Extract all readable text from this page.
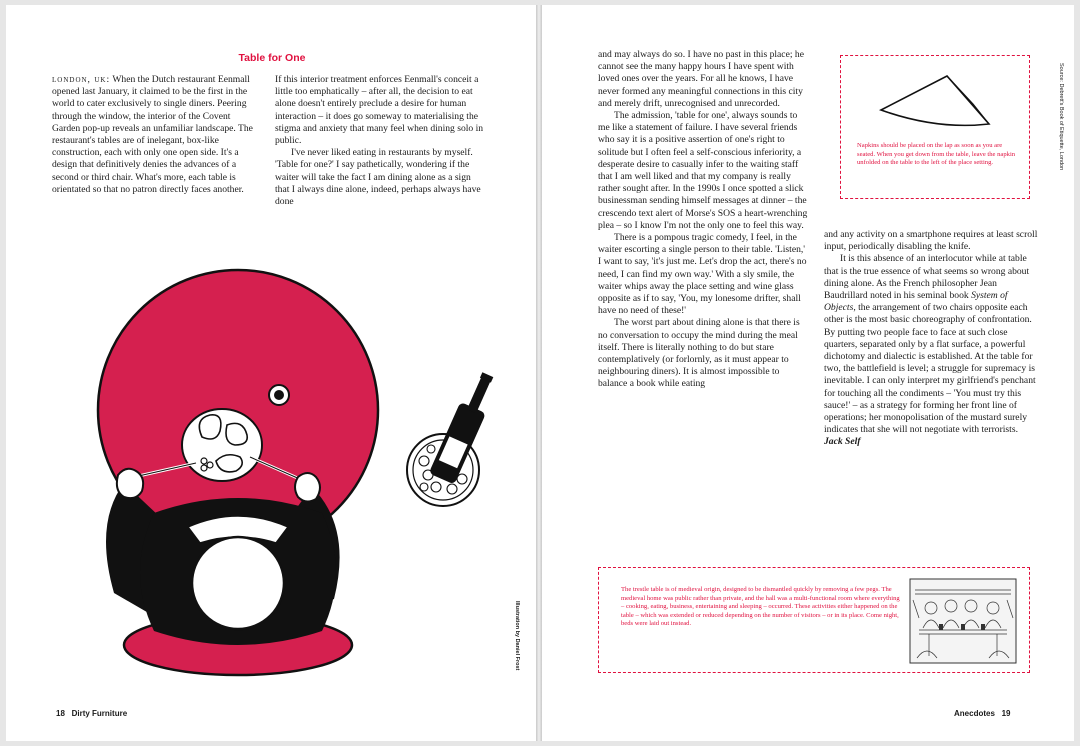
Table for One

london, uk: When the Dutch restaurant Eenmall opened last January, it claimed to be the first in the world to cater exclusively to single diners. Peering through the window, the interior of the Covent Garden pop-up reveals an unfamiliar landscape. The restaurant's tables are of inelegant, box-like construction, each with only one open side. It's a design that definitively denies the advances of a second or third chair. What's more, each table is orientated so that no patron directly faces another.

If this interior treatment enforces Eenmall's conceit a little too emphatically – after all, the decision to eat alone doesn't entirely preclude a desire for human interaction – it does go someway to materialising the stigma and anxiety that many feel when dining solo in public.

I've never liked eating in restaurants by myself. 'Table for one?' I say pathetically, wondering if the waiter will take the fact I am dining alone as a sign that I always dine alone, indeed, perhaps always have done

Illustration by Daniel Frost
18 Dirty Furniture

and may always do so. I have no past in this place; he cannot see the many happy hours I have spent with loved ones over the years. For all he knows, I have never formed any meaningful connections in this city and merely drift, unrecognised and unrecorded.

The admission, 'table for one', always sounds to me like a statement of failure. I have several friends who say it is a positive assertion of one's right to solitude but I often feel a self-conscious inferiority, a desperate desire to casually infer to the waiting staff that I am well liked and that my company is really rather sought after. In the 1990s I once spotted a slick businessman sending himself messages at dinner – the crescendo text alert of Morse's SOS a heart-wrenching plea – so I know I'm not the only one to feel this way.

There is a pompous tragic comedy, I feel, in the waiter escorting a single person to their table. 'Listen,' I want to say, 'it's just me. Let's drop the act, there's no need, I can find my own way.' With a sly smile, the waiter whips away the place setting and wine glass opposite as if to say, 'You, my lonesome drifter, shall have no need of these!'

The worst part about dining alone is that there is no conversation to occupy the mind during the meal itself. There is literally nothing to do but stare contemplatively (or forlornly, as it must appear to neighbouring diners). It is almost impossible to balance a book while eating

Napkins should be placed on the lap as soon as you are seated. When you get down from the table, leave the napkin unfolded on the table to the left of the place setting.	Source: Debrett's Book of Etiquette, London

and any activity on a smartphone requires at least scroll input, periodically disabling the knife.

It is this absence of an interlocutor while at table that is the true essence of what seems so wrong about dining alone. As the French philosopher Jean Baudrillard noted in his seminal book System of Objects, the arrangement of two chairs opposite each other is the most basic choreography of confrontation. By putting two people face to face at such close quarters, separated only by a flat surface, a powerful dichotomy and dialectic is established. At the table for two, the battlefield is level; a struggle for supremacy is inevitable. I can only interpret my girlfriend's penchant for touching all the condiments – 'You must try this sauce!' – as a strategy for forming her front line of operations; her monopolisation of the mustard surely indicates that she will not negotiate with terrorists. Jack Self

The trestle table is of medieval origin, designed to be dismantled quickly by removing a few pegs. The medieval home was public rather than private, and the hall was a multi-functional room where everything – cooking, eating, business, entertaining and sleeping – occurred. These activities either happened on the table – which was extended or reduced depending on the number of visitors – or in its place. Come night, beds were laid out instead.
Anecdotes 19
